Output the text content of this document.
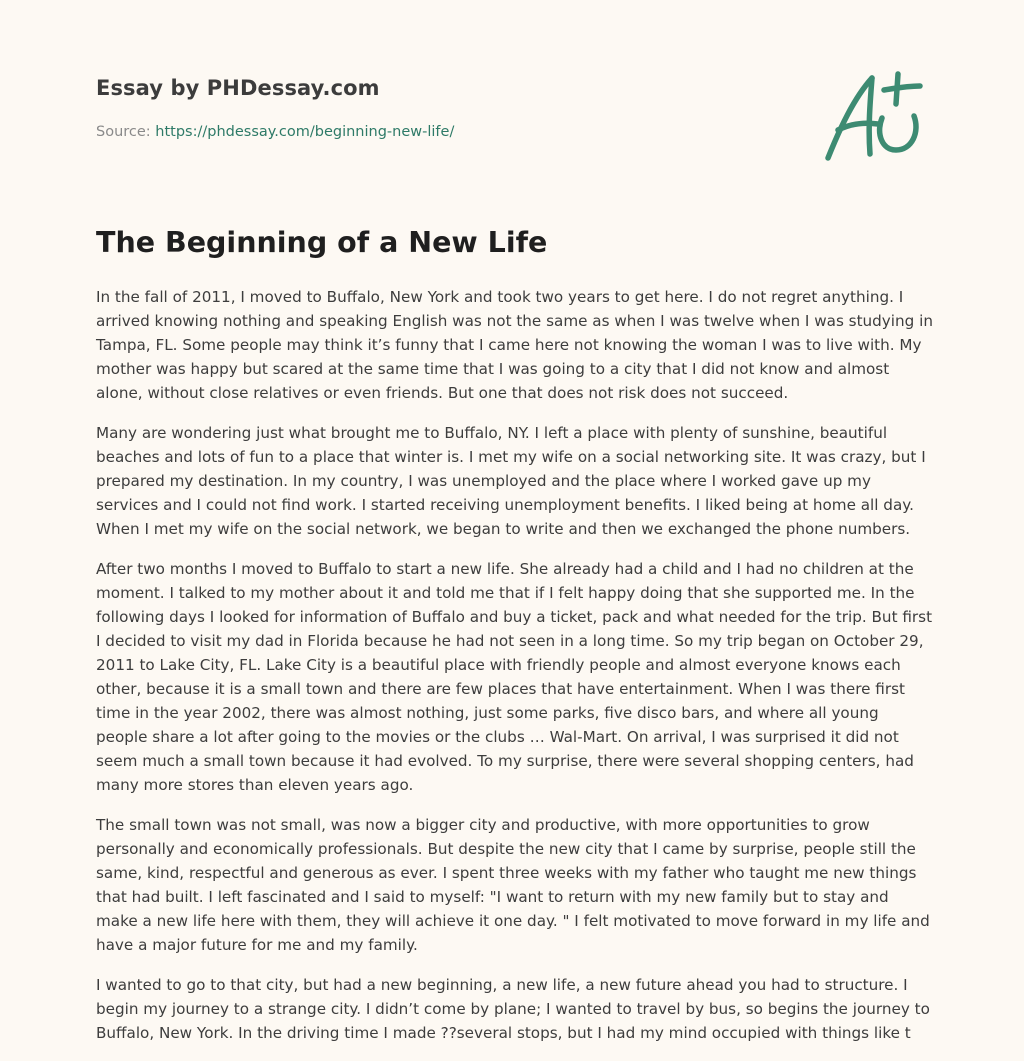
Essay by PHDessay.com
Source: https://phdessay.com/beginning-new-life/
The Beginning of a New Life

In the fall of 2011, I moved to Buffalo, New York and took two years to get here. I do not regret anything. I arrived knowing nothing and speaking English was not the same as when I was twelve when I was studying in Tampa, FL. Some people may think it’s funny that I came here not knowing the woman I was to live with. My mother was happy but scared at the same time that I was going to a city that I did not know and almost alone, without close relatives or even friends. But one that does not risk does not succeed.

Many are wondering just what brought me to Buffalo, NY. I left a place with plenty of sunshine, beautiful beaches and lots of fun to a place that winter is. I met my wife on a social networking site. It was crazy, but I prepared my destination. In my country, I was unemployed and the place where I worked gave up my services and I could not find work. I started receiving unemployment benefits. I liked being at home all day. When I met my wife on the social network, we began to write and then we exchanged the phone numbers.

After two months I moved to Buffalo to start a new life. She already had a child and I had no children at the moment. I talked to my mother about it and told me that if I felt happy doing that she supported me. In the following days I looked for information of Buffalo and buy a ticket, pack and what needed for the trip. But first I decided to visit my dad in Florida because he had not seen in a long time. So my trip began on October 29, 2011 to Lake City, FL. Lake City is a beautiful place with friendly people and almost everyone knows each other, because it is a small town and there are few places that have entertainment. When I was there first time in the year 2002, there was almost nothing, just some parks, five disco bars, and where all young people share a lot after going to the movies or the clubs … Wal-Mart. On arrival, I was surprised it did not seem much a small town because it had evolved. To my surprise, there were several shopping centers, had many more stores than eleven years ago.

The small town was not small, was now a bigger city and productive, with more opportunities to grow personally and economically professionals. But despite the new city that I came by surprise, people still the same, kind, respectful and generous as ever. I spent three weeks with my father who taught me new things that had built. I left fascinated and I said to myself: "I want to return with my new family but to stay and make a new life here with them, they will achieve it one day. " I felt motivated to move forward in my life and have a major future for me and my family.

I wanted to go to that city, but had a new beginning, a new life, a new future ahead you had to structure. I begin my journey to a strange city. I didn’t come by plane; I wanted to travel by bus, so begins the journey to Buffalo, New York. In the driving time I made ??several stops, but I had my mind occupied with things like t
